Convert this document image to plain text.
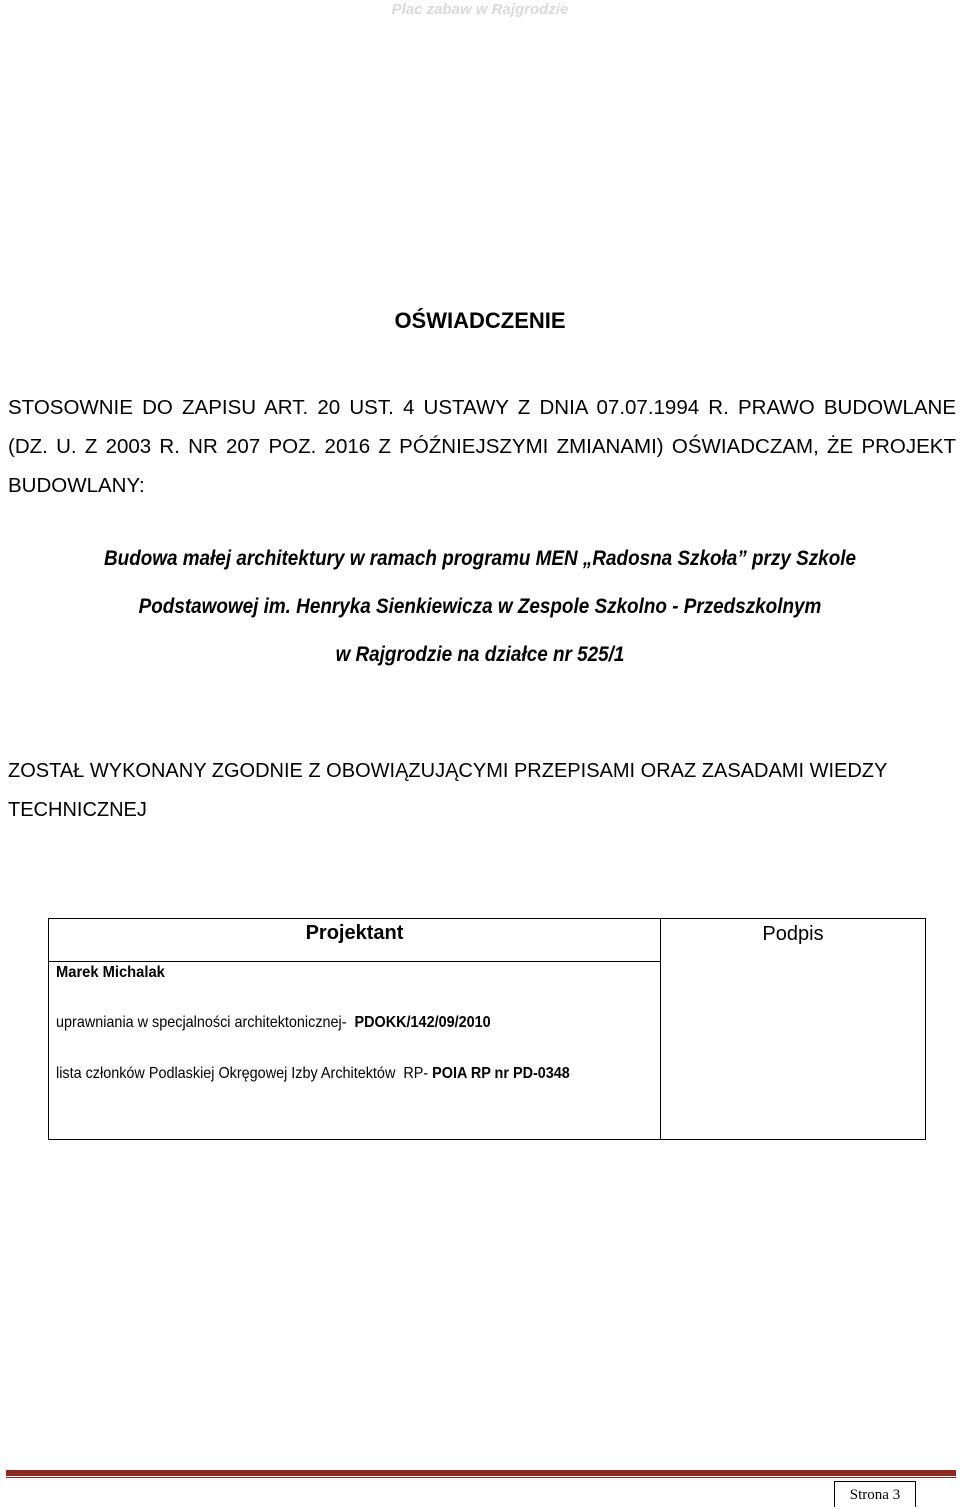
Plac zabaw w Rajgrodzie
OŚWIADCZENIE
STOSOWNIE DO ZAPISU ART. 20 UST. 4 USTAWY Z DNIA 07.07.1994 R. PRAWO BUDOWLANE (DZ. U. Z 2003 R. NR 207 POZ. 2016 Z PÓŹNIEJSZYMI ZMIANAMI) OŚWIADCZAM, ŻE PROJEKT BUDOWLANY:
Budowa małej architektury w ramach programu MEN „Radosna Szkoła” przy Szkole
Podstawowej im. Henryka Sienkiewicza w Zespole Szkolno - Przedszkolnym
w Rajgrodzie na działce nr 525/1
ZOSTAŁ WYKONANY ZGODNIE Z OBOWIĄZUJĄCYMI PRZEPISAMI ORAZ ZASADAMI WIEDZY TECHNICZNEJ
Projektant	Podpis
Marek Michalak
uprawniania w specjalności architektonicznej-  PDOKK/142/09/2010
lista członków Podlaskiej Okręgowej Izby Architektów  RP- POIA RP nr PD-0348
Strona 3
